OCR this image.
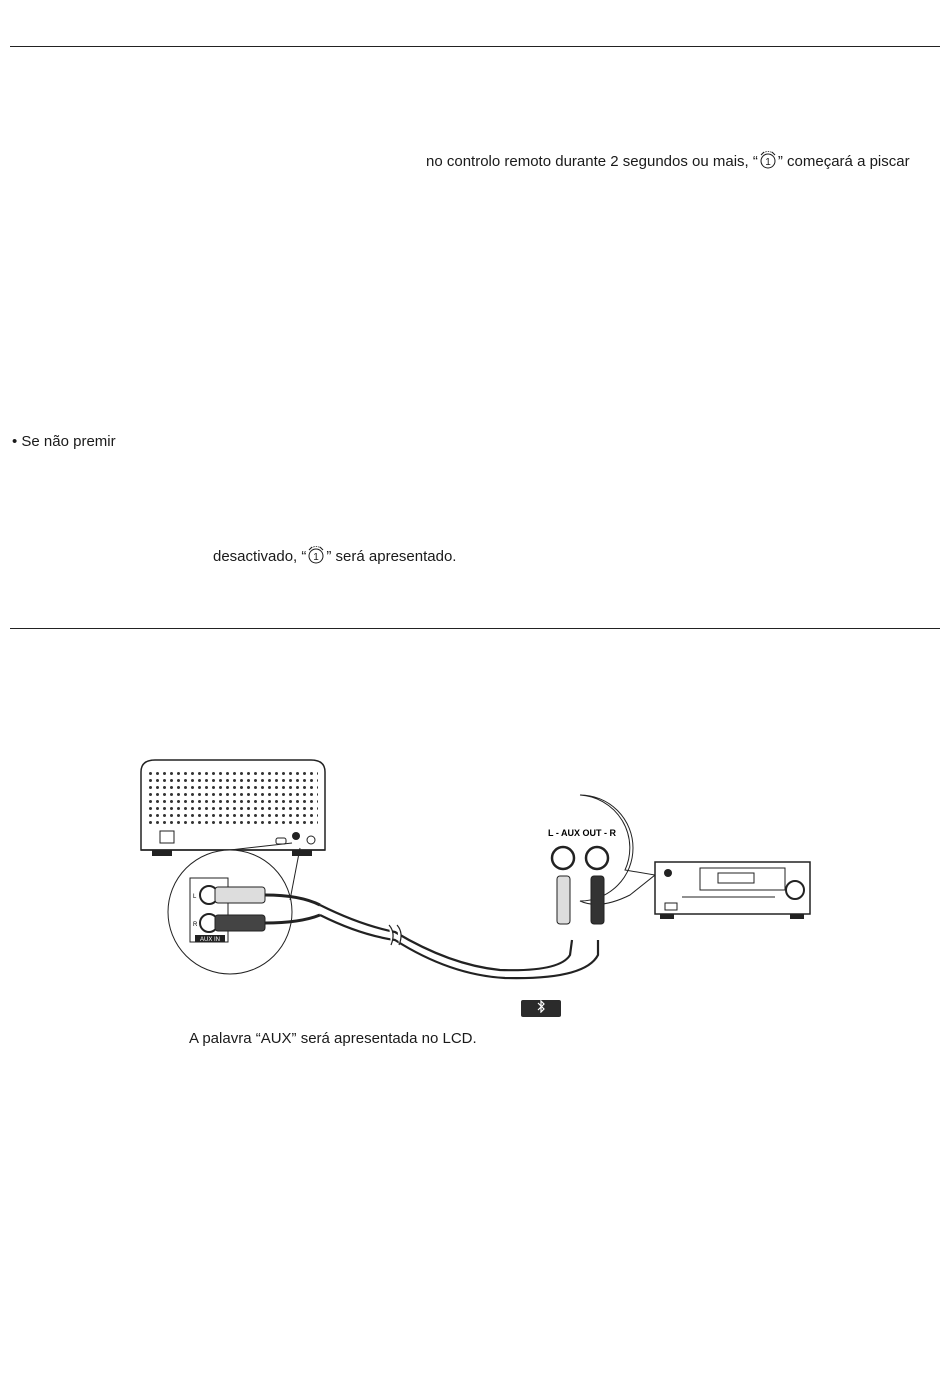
no controlo remoto durante 2 segundos ou mais, “ 1 ” começará a piscar
• Se não premir
desactivado, “ 1 ” será apresentado.
L
R
AUX IN
L - AUX OUT - R
A palavra “AUX” será apresentada no LCD.
